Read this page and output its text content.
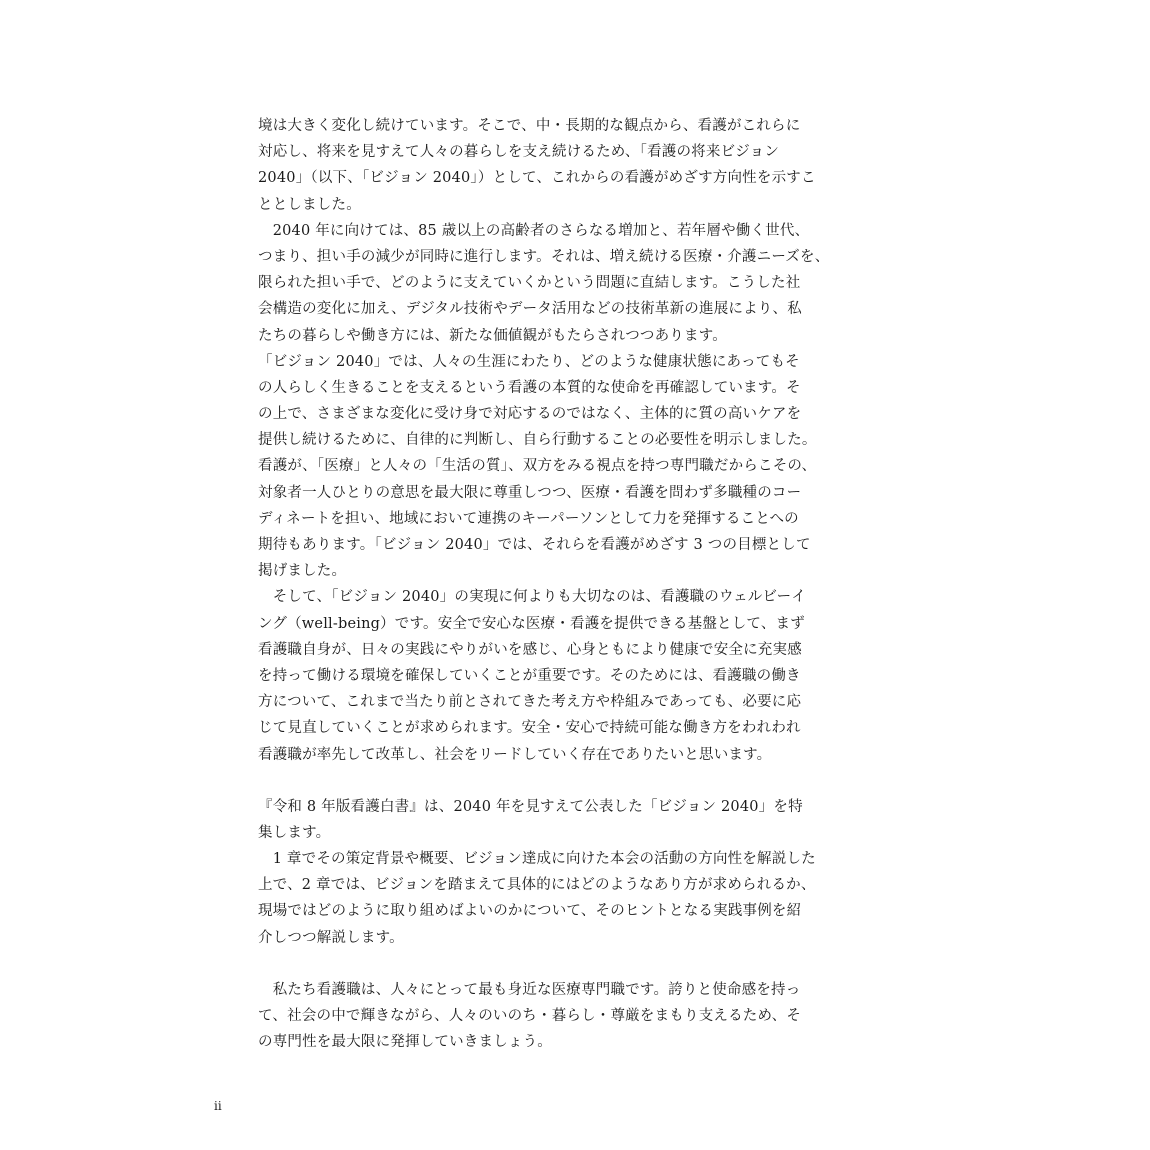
境は大きく変化し続けています。そこで、中・長期的な観点から、看護がこれらに
対応し、将来を見すえて人々の暮らしを支え続けるため、「看護の将来ビジョン
2040」（以下、「ビジョン 2040」）として、これからの看護がめざす方向性を示すこ
ととしました。
　2040 年に向けては、85 歳以上の高齢者のさらなる増加と、若年層や働く世代、
つまり、担い手の減少が同時に進行します。それは、増え続ける医療・介護ニーズを、
限られた担い手で、どのように支えていくかという問題に直結します。こうした社
会構造の変化に加え、デジタル技術やデータ活用などの技術革新の進展により、私
たちの暮らしや働き方には、新たな価値観がもたらされつつあります。
「ビジョン 2040」では、人々の生涯にわたり、どのような健康状態にあってもそ
の人らしく生きることを支えるという看護の本質的な使命を再確認しています。そ
の上で、さまざまな変化に受け身で対応するのではなく、主体的に質の高いケアを
提供し続けるために、自律的に判断し、自ら行動することの必要性を明示しました。
看護が、「医療」と人々の「生活の質」、双方をみる視点を持つ専門職だからこその、
対象者一人ひとりの意思を最大限に尊重しつつ、医療・看護を問わず多職種のコー
ディネートを担い、地域において連携のキーパーソンとして力を発揮することへの
期待もあります。「ビジョン 2040」では、それらを看護がめざす 3 つの目標として
掲げました。
　そして、「ビジョン 2040」の実現に何よりも大切なのは、看護職のウェルビーイ
ング（well-being）です。安全で安心な医療・看護を提供できる基盤として、まず
看護職自身が、日々の実践にやりがいを感じ、心身ともにより健康で安全に充実感
を持って働ける環境を確保していくことが重要です。そのためには、看護職の働き
方について、これまで当たり前とされてきた考え方や枠組みであっても、必要に応
じて見直していくことが求められます。安全・安心で持続可能な働き方をわれわれ
看護職が率先して改革し、社会をリードしていく存在でありたいと思います。
『令和 8 年版看護白書』は、2040 年を見すえて公表した「ビジョン 2040」を特
集します。
　1 章でその策定背景や概要、ビジョン達成に向けた本会の活動の方向性を解説した
上で、2 章では、ビジョンを踏まえて具体的にはどのようなあり方が求められるか、
現場ではどのように取り組めばよいのかについて、そのヒントとなる実践事例を紹
介しつつ解説します。
　私たち看護職は、人々にとって最も身近な医療専門職です。誇りと使命感を持っ
て、社会の中で輝きながら、人々のいのち・暮らし・尊厳をまもり支えるため、そ
の専門性を最大限に発揮していきましょう。
ii
